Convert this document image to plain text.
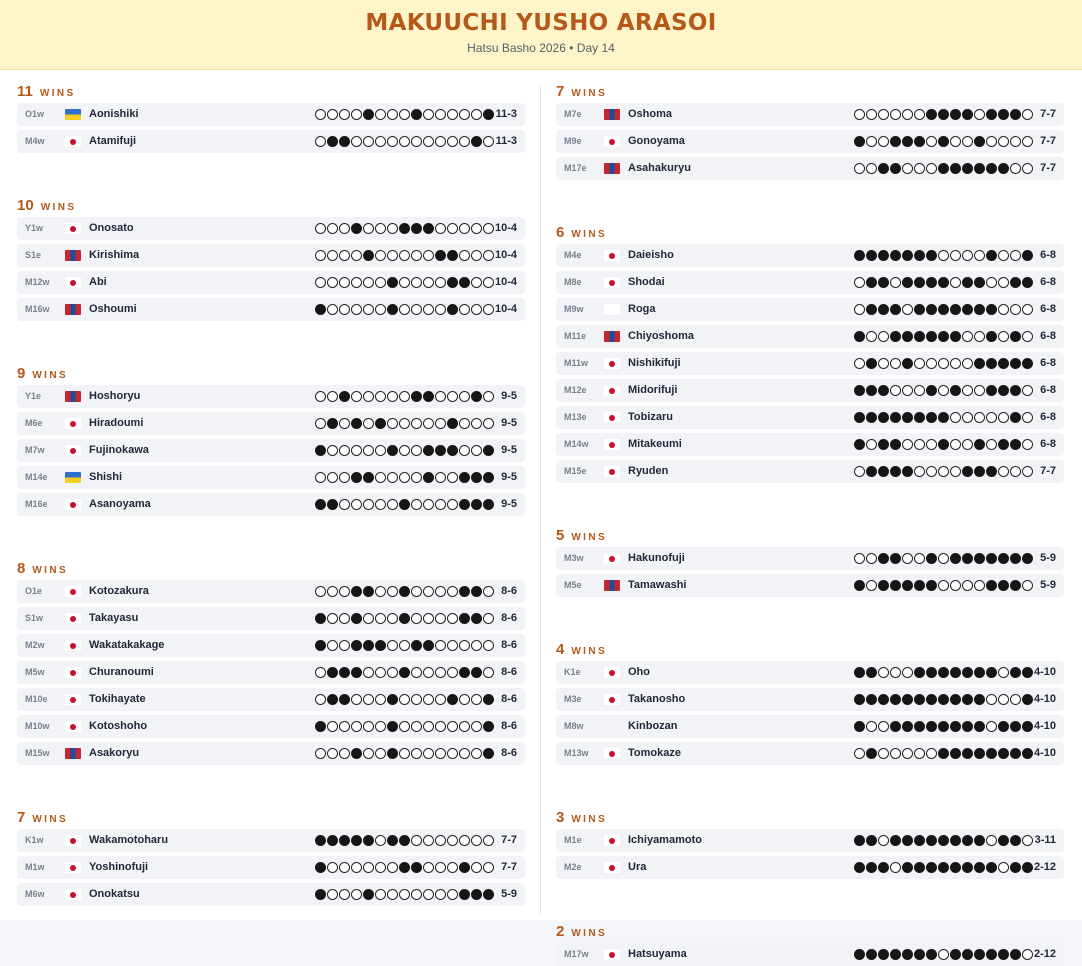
MAKUUCHI YUSHO ARASOI
Hatsu Basho 2026 • Day 14
11 WINS
O1w	Aonishiki	11-3
M4w	Atamifuji	11-3
10 WINS
Y1w	Onosato	10-4
S1e	Kirishima	10-4
M12w	Abi	10-4
M16w	Oshoumi	10-4
9 WINS
Y1e	Hoshoryu	9-5
M6e	Hiradoumi	9-5
M7w	Fujinokawa	9-5
M14e	Shishi	9-5
M16e	Asanoyama	9-5
8 WINS
O1e	Kotozakura	8-6
S1w	Takayasu	8-6
M2w	Wakatakakage	8-6
M5w	Churanoumi	8-6
M10e	Tokihayate	8-6
M10w	Kotoshoho	8-6
M15w	Asakoryu	8-6
7 WINS
K1w	Wakamotoharu	7-7
M1w	Yoshinofuji	7-7
M6w	Onokatsu	5-9
7 WINS
M7e	Oshoma	7-7
M9e	Gonoyama	7-7
M17e	Asahakuryu	7-7
6 WINS
M4e	Daieisho	6-8
M8e	Shodai	6-8
M9w	Roga	6-8
M11e	Chiyoshoma	6-8
M11w	Nishikifuji	6-8
M12e	Midorifuji	6-8
M13e	Tobizaru	6-8
M14w	Mitakeumi	6-8
M15e	Ryuden	7-7
5 WINS
M3w	Hakunofuji	5-9
M5e	Tamawashi	5-9
4 WINS
K1e	Oho	4-10
M3e	Takanosho	4-10
M8w	Kinbozan	4-10
M13w	Tomokaze	4-10
3 WINS
M1e	Ichiyamamoto	3-11
M2e	Ura	2-12
2 WINS
M17w	Hatsuyama	2-12
